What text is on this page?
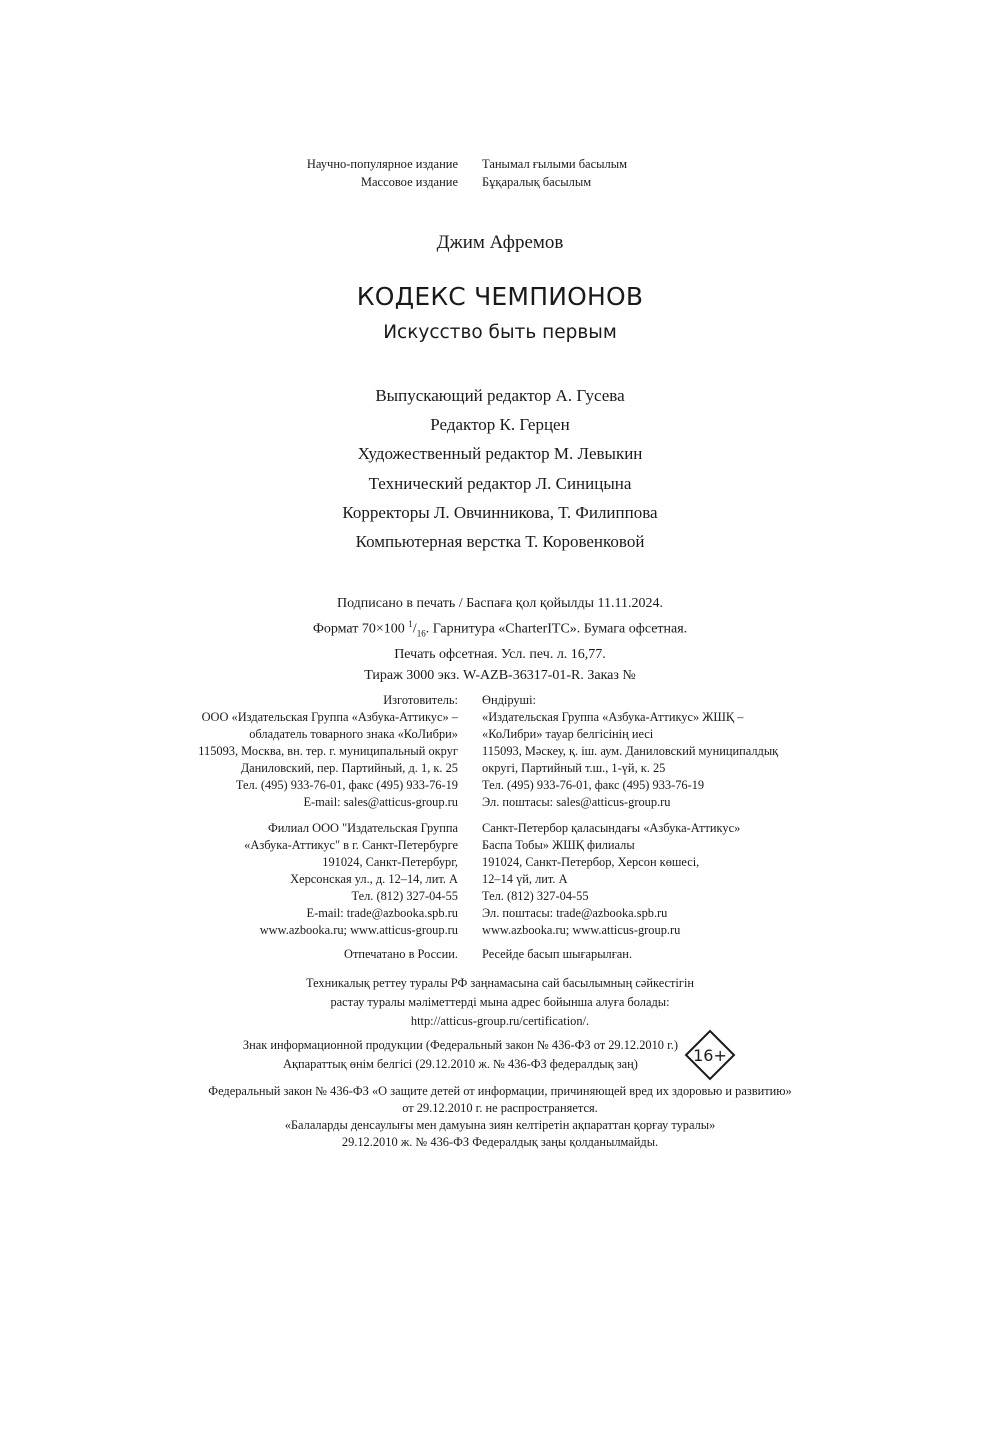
Научно-популярное издание
Массовое издание
Танымал ғылыми басылым
Бұқаралық басылым
Джим Афремов
КОДЕКС ЧЕМПИОНОВ
Искусство быть первым
Выпускающий редактор А. Гусева
Редактор К. Герцен
Художественный редактор М. Левыкин
Технический редактор Л. Синицына
Корректоры Л. Овчинникова, Т. Филиппова
Компьютерная верстка Т. Коровенковой
Подписано в печать / Баспаға қол қойылды 11.11.2024.
Формат 70×100 $^1/_{16}$. Гарнитура «CharterITC». Бумага офсетная.
Печать офсетная. Усл. печ. л. 16,77.
Тираж 3000 экз. W-AZB-36317-01-R. Заказ №
Изготовитель:
ООО «Издательская Группа «Азбука-Аттикус» –
обладатель товарного знака «КоЛибри»
115093, Москва, вн. тер. г. муниципальный округ
Даниловский, пер. Партийный, д. 1, к. 25
Тел. (495) 933-76-01, факс (495) 933-76-19
E-mail: sales@atticus-group.ru
Филиал ООО "Издательская Группа
«Азбука-Аттикус" в г. Санкт-Петербурге
191024, Санкт-Петербург,
Херсонская ул., д. 12–14, лит. А
Тел. (812) 327-04-55
E-mail: trade@azbooka.spb.ru
Өндіруші:
«Издательская Группа «Азбука-Аттикус» ЖШҚ –
«КоЛибри» тауар белгісінің иесі
115093, Мәскеу, қ. іш. аум. Даниловский муниципалдық
округі, Партийный т.ш., 1-үй, к. 25
Тел. (495) 933-76-01, факс (495) 933-76-19
Эл. поштасы: sales@atticus-group.ru
Санкт-Петербор қаласындағы «Азбука-Аттикус»
Баспа Тобы» ЖШҚ филиалы
191024, Санкт-Петербор, Херсон көшесі,
12–14 үй, лит. А
Тел. (812) 327-04-55
Эл. поштасы: trade@azbooka.spb.ru
www.azbooka.ru; www.atticus-group.ru www.azbooka.ru; www.atticus-group.ru
Отпечатано в России. Ресейде басып шығарылған.
Техникалық реттеу туралы РФ заңнамасына сай басылымның сәйкестігін
растау туралы мәліметтерді мына адрес бойынша алуға болады:
http://atticus-group.ru/certification/.
Знак информационной продукции (Федеральный закон № 436-ФЗ от 29.12.2010 г.)
Ақпараттық өнім белгісі (29.12.2010 ж. № 436-ФЗ федералдық заң)	16+
Федеральный закон № 436-ФЗ «О защите детей от информации, причиняющей вред их здоровью и развитию»
от 29.12.2010 г. не распространяется.
«Балаларды денсаулығы мен дамуына зиян келтіретін ақпараттан қорғау туралы»
29.12.2010 ж. № 436-ФЗ Федералдық заңы қолданылмайды.
